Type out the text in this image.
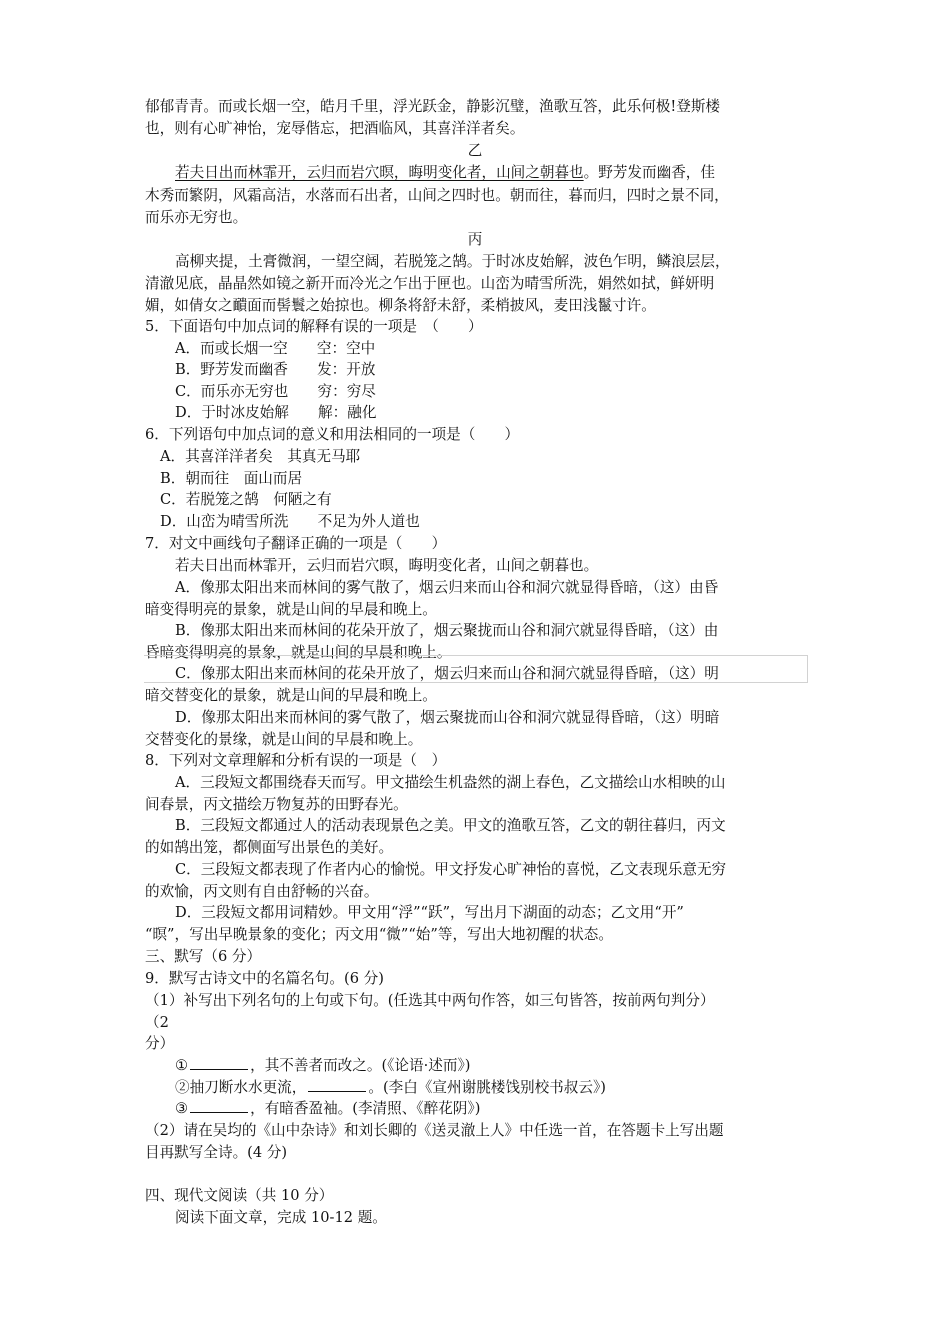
郁郁青青。而或长烟一空，皓月千里，浮光跃金，静影沉璧，渔歌互答，此乐何极!登斯楼
也，则有心旷神怡，宠辱偕忘，把酒临风，其喜洋洋者矣。
乙
若夫日出而林霏开，云归而岩穴暝，晦明变化者，山间之朝暮也。野芳发而幽香，佳
木秀而繁阴，风霜高洁，水落而石出者，山间之四时也。朝而往，暮而归，四时之景不同，
而乐亦无穷也。
丙
高柳夹提，土膏微润，一望空阔，若脱笼之鹄。于时冰皮始解，波色乍明，鳞浪层层，
清澈见底，晶晶然如镜之新开而冷光之乍出于匣也。山峦为晴雪所洗，娟然如拭，鲜妍明
媚，如倩女之靧面而髻鬟之始掠也。柳条将舒未舒，柔梢披风，麦田浅鬣寸许。
5．下面语句中加点词的解释有误的一项是　（　　）
A．而或长烟一空　　空：空中
B．野芳发而幽香　　发：开放
C．而乐亦无穷也　　穷：穷尽
D．于时冰皮始解　　解：融化
6．下列语句中加点词的意义和用法相同的一项是（　　）
A．其喜洋洋者矣　其真无马耶
B．朝而往　面山而居
C．若脱笼之鹄　何陋之有
D．山峦为晴雪所洗　　不足为外人道也
7．对文中画线句子翻译正确的一项是（　　）
若夫日出而林霏开，云归而岩穴暝，晦明变化者，山间之朝暮也。
A．像那太阳出来而林间的雾气散了，烟云归来而山谷和洞穴就显得昏暗，（这）由昏
暗变得明亮的景象，就是山间的早晨和晚上。
B．像那太阳出来而林间的花朵开放了，烟云聚拢而山谷和洞穴就显得昏暗，（这）由
昏暗变得明亮的景象，就是山间的早晨和晚上。
C．像那太阳出来而林间的花朵开放了，烟云归来而山谷和洞穴就显得昏暗，（这）明
暗交替变化的景象，就是山间的早晨和晚上。
D．像那太阳出来而林间的雾气散了，烟云聚拢而山谷和洞穴就显得昏暗，（这）明暗
交替变化的景缘，就是山间的早晨和晚上。
8．下列对文章理解和分析有误的一项是（　）
A．三段短文都围绕春天而写。甲文描绘生机盎然的湖上春色，乙文描绘山水相映的山
间春景，丙文描绘万物复苏的田野春光。
B．三段短文都通过人的活动表现景色之美。甲文的渔歌互答，乙文的朝往暮归，丙文
的如鹄出笼，都侧面写出景色的美好。
C．三段短文都表现了作者内心的愉悦。甲文抒发心旷神怡的喜悦，乙文表现乐意无穷
的欢愉，丙文则有自由舒畅的兴奋。
D．三段短文都用词精妙。甲文用“浮”“跃”，写出月下湖面的动态；乙文用“开”
“暝”，写出早晚景象的变化；丙文用“微”“始”等，写出大地初醒的状态。
三、默写（6 分）
9．默写古诗文中的名篇名句。(6 分)
（1）补写出下列名句的上句或下句。(任选其中两句作答，如三句皆答，按前两句判分）
（2
分）
①	，其不善者而改之。(《论语·述而》)
②抽刀断水水更流，	。(李白《宣州谢朓楼饯别校书叔云》)
③	，有暗香盈袖。(李清照、《醉花阴》)
（2）请在吴均的《山中杂诗》和刘长卿的《送灵澈上人》中任选一首，在答题卡上写出题
目再默写全诗。(4 分)
四、现代文阅读（共 10 分）
阅读下面文章，完成 10-12 题。
